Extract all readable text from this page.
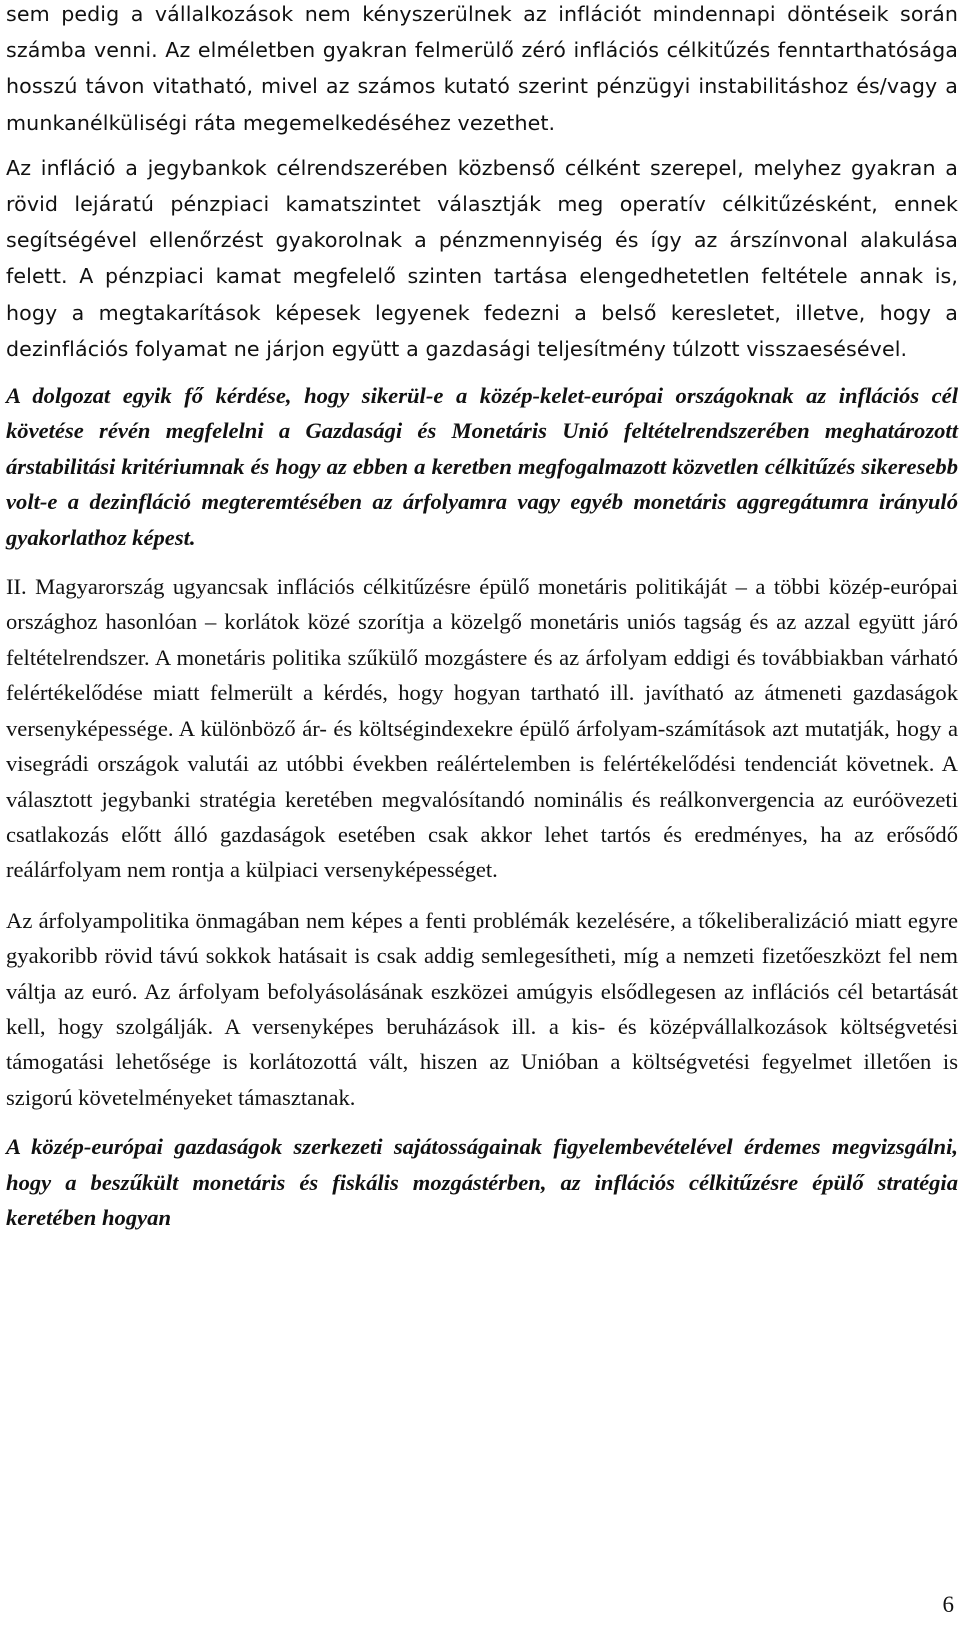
sem pedig a vállalkozások nem kényszerülnek az inflációt mindennapi döntéseik során számba venni. Az elméletben gyakran felmerülő zéró inflációs célkitűzés fenntarthatósága hosszú távon vitatható, mivel az számos kutató szerint pénzügyi instabilitáshoz és/vagy a munkanélküliségi ráta megemelkedéséhez vezethet.

Az infláció a jegybankok célrendszerében közbenső célként szerepel, melyhez gyakran a rövid lejáratú pénzpiaci kamatszintet választják meg operatív célkitűzésként, ennek segítségével ellenőrzést gyakorolnak a pénzmennyiség és így az árszínvonal alakulása felett. A pénzpiaci kamat megfelelő szinten tartása elengedhetetlen feltétele annak is, hogy a megtakarítások képesek legyenek fedezni a belső keresletet, illetve, hogy a dezinflációs folyamat ne járjon együtt a gazdasági teljesítmény túlzott visszaesésével.

A dolgozat egyik fő kérdése, hogy sikerül-e a közép-kelet-európai országoknak az inflációs cél követése révén megfelelni a Gazdasági és Monetáris Unió feltételrendszerében meghatározott árstabilitási kritériumnak és hogy az ebben a keretben megfogalmazott közvetlen célkitűzés sikeresebb volt-e a dezinfláció megteremtésében az árfolyamra vagy egyéb monetáris aggregátumra irányuló gyakorlathoz képest.

II. Magyarország ugyancsak inflációs célkitűzésre épülő monetáris politikáját – a többi közép-európai országhoz hasonlóan – korlátok közé szorítja a közelgő monetáris uniós tagság és az azzal együtt járó feltételrendszer. A monetáris politika szűkülő mozgástere és az árfolyam eddigi és továbbiakban várható felértékelődése miatt felmerült a kérdés, hogy hogyan tartható ill. javítható az átmeneti gazdaságok versenyképessége. A különböző ár- és költségindexekre épülő árfolyam-számítások azt mutatják, hogy a visegrádi országok valutái az utóbbi években reálértelemben is felértékelődési tendenciát követnek. A választott jegybanki stratégia keretében megvalósítandó nominális és reálkonvergencia az euróövezeti csatlakozás előtt álló gazdaságok esetében csak akkor lehet tartós és eredményes, ha az erősődő reálárfolyam nem rontja a külpiaci versenyképességet.

Az árfolyampolitika önmagában nem képes a fenti problémák kezelésére, a tőkeliberalizáció miatt egyre gyakoribb rövid távú sokkok hatásait is csak addig semlegesítheti, míg a nemzeti fizetőeszközt fel nem váltja az euró. Az árfolyam befolyásolásának eszközei amúgyis elsődlegesen az inflációs cél betartását kell, hogy szolgálják. A versenyképes beruházások ill. a kis- és középvállalkozások költségvetési támogatási lehetősége is korlátozottá vált, hiszen az Unióban a költségvetési fegyelmet illetően is szigorú követelményeket támasztanak.

A közép-európai gazdaságok szerkezeti sajátosságainak figyelembevételével érdemes megvizsgálni, hogy a beszűkült monetáris és fiskális mozgástérben, az inflációs célkitűzésre épülő stratégia keretében hogyan

6
